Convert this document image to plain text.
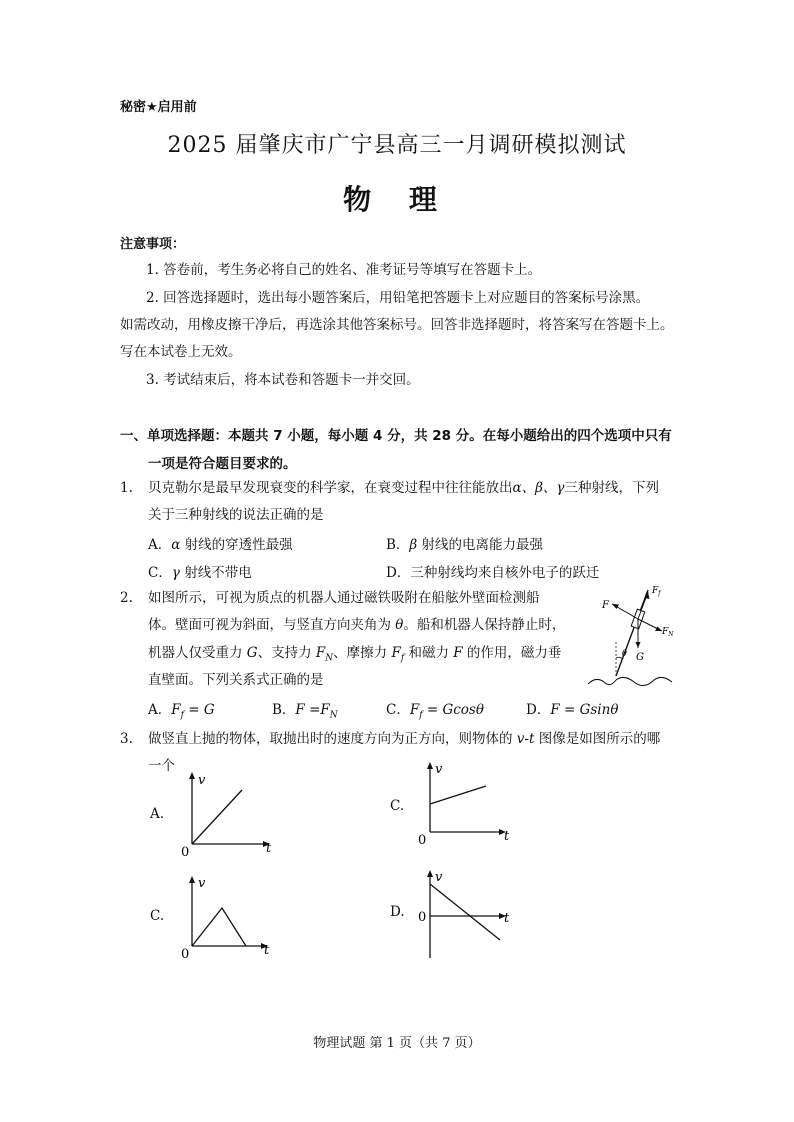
秘密★启用前
2025 届肇庆市广宁县高三一月调研模拟测试
物 理
注意事项：
1. 答卷前，考生务必将自己的姓名、准考证号等填写在答题卡上。
2. 回答选择题时，选出每小题答案后，用铅笔把答题卡上对应题目的答案标号涂黑。
如需改动，用橡皮擦干净后，再选涂其他答案标号。回答非选择题时，将答案写在答题卡上。
写在本试卷上无效。
3. 考试结束后，将本试卷和答题卡一并交回。
一、单项选择题：本题共 7 小题，每小题 4 分，共 28 分。在每小题给出的四个选项中只有
一项是符合题目要求的。
1. 贝克勒尔是最早发现衰变的科学家，在衰变过程中往往能放出α、β、γ三种射线，下列
关于三种射线的说法正确的是
A．α 射线的穿透性最强	B．β 射线的电离能力最强
C．γ 射线不带电	D．三种射线均来自核外电子的跃迁
2. 如图所示，可视为质点的机器人通过磁铁吸附在船舷外壁面检测船
体。壁面可视为斜面，与竖直方向夹角为 θ。船和机器人保持静止时，
机器人仅受重力 G、支持力 $F_N$、摩擦力 $F_f$ 和磁力 F 的作用，磁力垂
直壁面。下列关系式正确的是
A．$F_f = G$	B．$F =F_N$	C．$F_f = Gcos\theta$	D．F = Gsinθ
$F_f$
F
$F_N$
θ G
3. 做竖直上抛的物体，取抛出时的速度方向为正方向，则物体的 v-t 图像是如图所示的哪
一个
A.
v
t
0
C.
v
t
0
C.
v
t
0
D.
v
t
0
物理试题 第 1 页（共 7 页）
